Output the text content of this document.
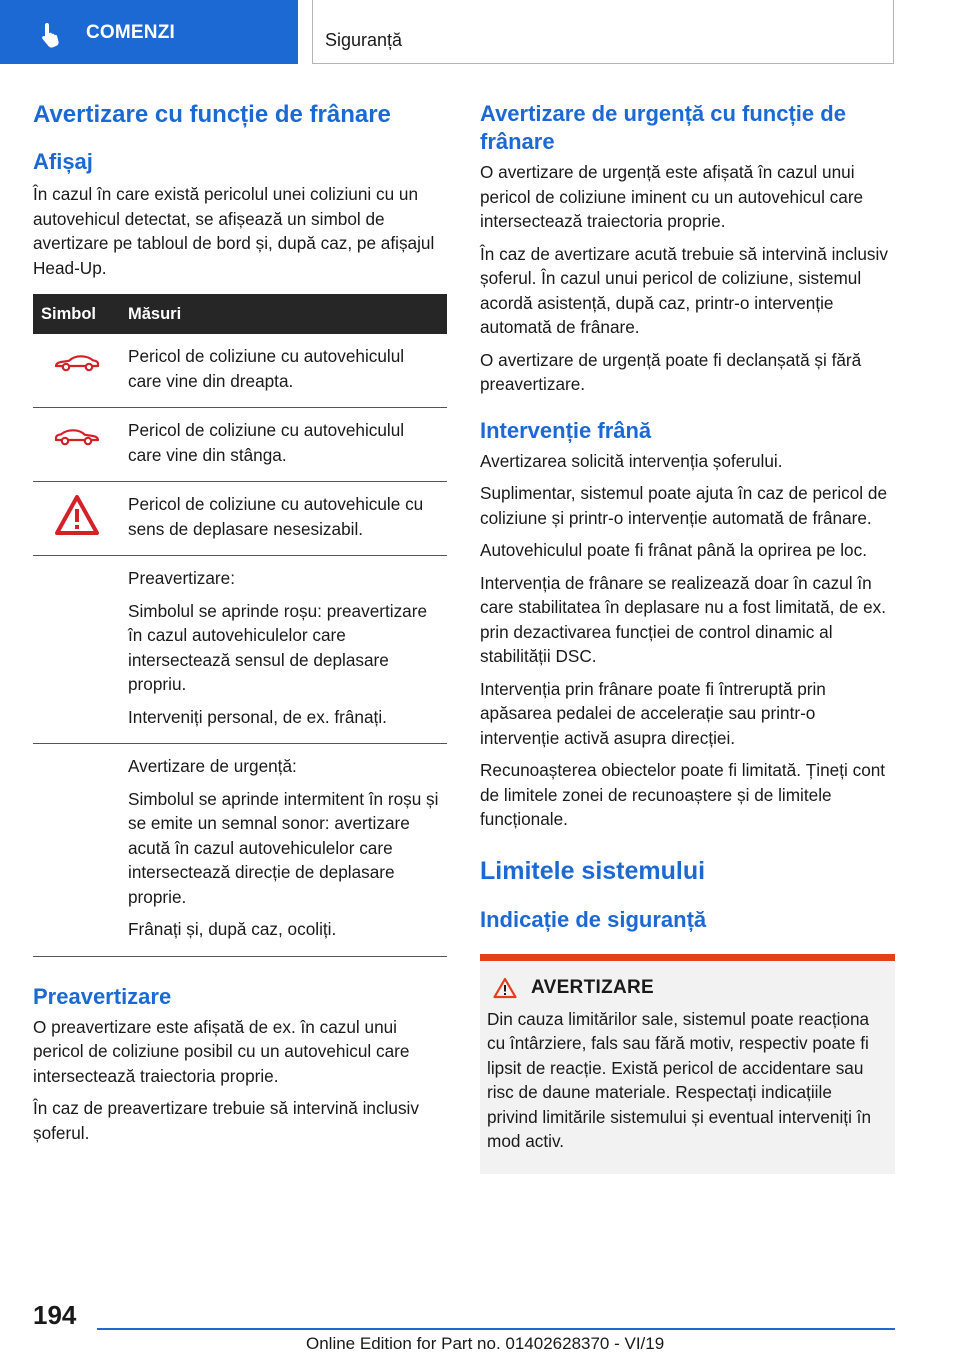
COMENZI	Siguranță
Avertizare cu funcție de frânare
Afișaj

În cazul în care există pericolul unei coliziuni cu un autovehicul detectat, se afișează un simbol de avertizare pe tabloul de bord și, după caz, pe afișajul Head-Up.

Simbol	Măsuri

Pericol de coliziune cu autovehiculul care vine din dreapta.

Pericol de coliziune cu autovehiculul care vine din stânga.

Pericol de coliziune cu autovehicule cu sens de deplasare nesesizabil.

	Preavertizare:

Simbolul se aprinde roșu: preavertizare în cazul autovehiculelor care intersectează sensul de deplasare propriu.

Interveniți personal, de ex. frânați.

	Avertizare de urgență:

Simbolul se aprinde intermitent în roșu și se emite un semnal sonor: avertizare acută în cazul autovehiculelor care intersectează direcție de deplasare proprie.

Frânați și, după caz, ocoliți.

Preavertizare

O preavertizare este afișată de ex. în cazul unui pericol de coliziune posibil cu un autovehicul care intersectează traiectoria proprie.

În caz de preavertizare trebuie să intervină inclusiv șoferul.

Avertizare de urgență cu funcție de frânare

O avertizare de urgență este afișată în cazul unui pericol de coliziune iminent cu un autovehicul care intersectează traiectoria proprie.

În caz de avertizare acută trebuie să intervină inclusiv șoferul. În cazul unui pericol de coliziune, sistemul acordă asistență, după caz, printr-o intervenție automată de frânare.

O avertizare de urgență poate fi declanșată și fără preavertizare.

Intervenție frână

Avertizarea solicită intervenția șoferului.

Suplimentar, sistemul poate ajuta în caz de pericol de coliziune și printr-o intervenție automată de frânare.

Autovehiculul poate fi frânat până la oprirea pe loc.

Intervenția de frânare se realizează doar în cazul în care stabilitatea în deplasare nu a fost limitată, de ex. prin dezactivarea funcției de control dinamic al stabilității DSC.

Intervenția prin frânare poate fi întreruptă prin apăsarea pedalei de accelerație sau printr-o intervenție activă asupra direcției.

Recunoașterea obiectelor poate fi limitată. Țineți cont de limitele zonei de recunoaștere și de limitele funcționale.

Limitele sistemului
Indicație de siguranță
AVERTIZARE

Din cauza limitărilor sale, sistemul poate reacționa cu întârziere, fals sau fără motiv, respectiv poate fi lipsit de reacție. Există pericol de accidentare sau risc de daune materiale. Respectați indicațiile privind limitările sistemului și eventual interveniți în mod activ.

194
Online Edition for Part no. 01402628370 - VI/19
